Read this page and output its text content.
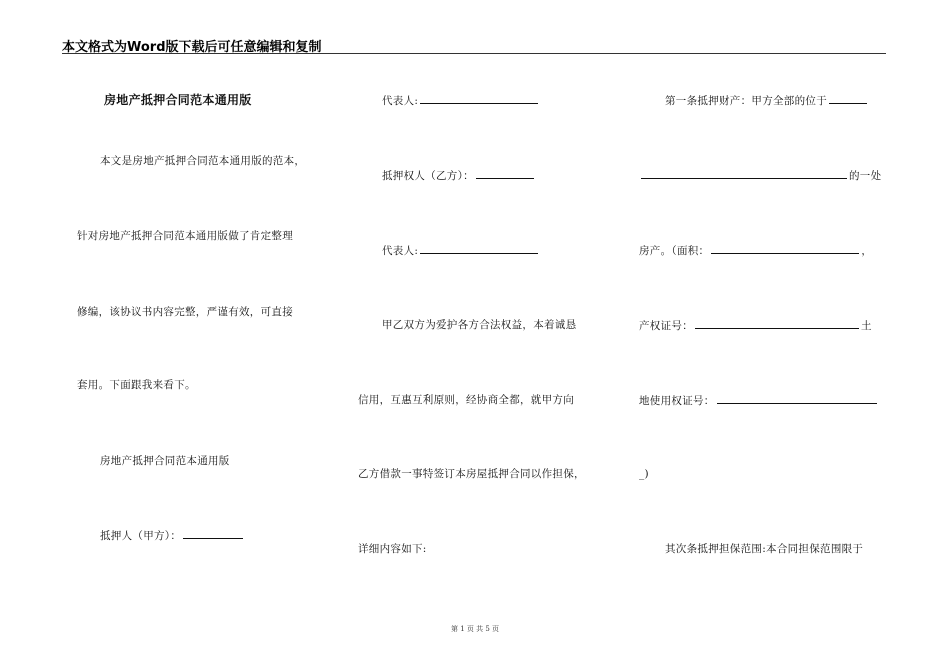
本文格式为Word版下载后可任意编辑和复制
房地产抵押合同范本通用版
本文是房地产抵押合同范本通用版的范本，
针对房地产抵押合同范本通用版做了肯定整理
修编，该协议书内容完整，严谨有效，可直接
套用。下面跟我来看下。
房地产抵押合同范本通用版
抵押人（甲方）：
代表人:
抵押权人（乙方）：
代表人:
甲乙双方为爱护各方合法权益，本着诚恳
信用，互惠互利原则，经协商全都，就甲方向
乙方借款一事特签订本房屋抵押合同以作担保，
详细内容如下:
第一条抵押财产：甲方全部的位于
的一处
房产。（面积：	，
产权证号：	土
地使用权证号：
_)
其次条抵押担保范围:本合同担保范围限于
第 1 页 共 5 页
